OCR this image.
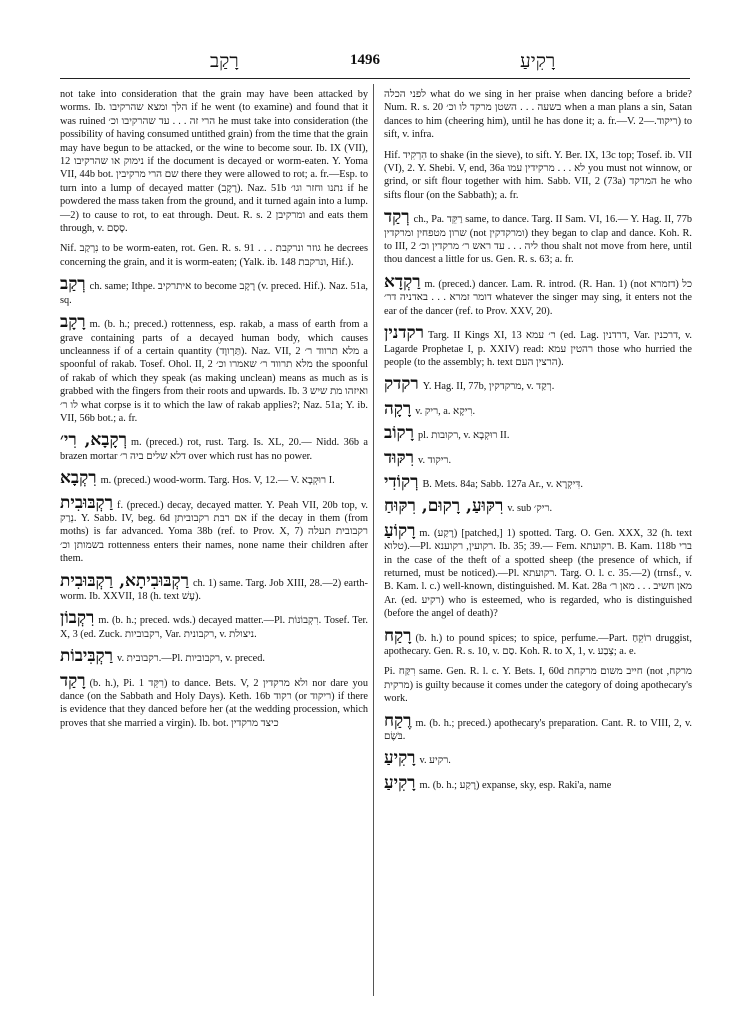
רָקַב	1496	רָקִיעַ

not take into consideration that the grain may have been attacked by worms. Ib. הלך ומצא שהרקיבו if he went (to examine) and found that it was ruined הרי זה . . . עד שהרקיבו וכ׳ he must take into consideration (the possibility of having consumed untithed grain) from the time that the grain may have begun to be attacked, or the wine to become sour. Ib. IX (VII), 12 נימוק או שהרקיבו if the document is decayed or worm-eaten. Y. Yoma VII, 44b bot. שם הרי מרקיבין there they were allowed to rot; a. fr.—Esp. to turn into a lump of decayed matter (רָקָב). Naz. 51b נתנו וחזר וגו׳ if he powdered the mass taken from the ground, and it turned again into a lump.—2) to cause to rot, to eat through. Deut. R. s. 2 ומרקיבן and eats them through, v. סָסַם.

Nif. נִרְקַב to be worm-eaten, rot. Gen. R. s. 91 . . . גוזר ונרקבת he decrees concerning the grain, and it is worm-eaten; (Yalk. ib. 148 ונרקבת, Hif.).

רְקַב ch. same; Ithpe. איתרקיב to become רָקָב (v. preced. Hif.). Naz. 51a, sq.

רָקָב m. (b. h.; preced.) rottenness, esp. rakab, a mass of earth from a grave containing parts of a decayed human body, which causes uncleanness if of a certain quantity (תַּרְווָד). Naz. VII, 2 מלא תרווד ר׳ a spoonful of rakab. Tosef. Ohol. II, 2 מלא תרווד ר׳ שאמרו וכ׳ the spoonful of rakab of which they speak (as making unclean) means as much as is grabbed with the fingers from their roots and upwards. Ib. 3 ואיזהו מת שיש לו ר׳ what corpse is it to which the law of rakab applies?; Naz. 51a; Y. ib. VII, 56b bot.; a. fr.

רְקָבָא, רִי׳ m. (preced.) rot, rust. Targ. Is. XL, 20.— Nidd. 36b a brazen mortar דלא שלים ביה ר׳ over which rust has no power.

רִקְבָא m. (preced.) wood-worm. Targ. Hos. V, 12.— V. רוּקְבָא I.

רַקְבּוּבִית f. (preced.) decay, decayed matter. Y. Peah VII, 20b top, v. נְרַק. Y. Sabb. IV, beg. 6d אם רבת רקבוביתן if the decay in them (from moths) is far advanced. Yoma 38b (ref. to Prov. X, 7) רקבובית תעלה בשמותן וכ׳ rottenness enters their names, none name their children after them.

רַקְבּוּבִיתָא, רַקְבּוּבִית ch. 1) same. Targ. Job XIII, 28.—2) earth-worm. Ib. XXVII, 18 (h. text עָשׁ).

רִקְבוֹן m. (b. h.; preced. wds.) decayed matter.—Pl. רִקְבוֹנוֹת. Tosef. Ter. X, 3 (ed. Zuck. רקבוביות, Var. רקבונית, v. ניצולת.

רַקְבִּיבוֹת v. רקבובית.—Pl. רקבוביות, v. preced.

רָקַד (b. h.), Pi. רִקֵּד 1) to dance. Bets. V, 2 ולא מרקדין nor dare you dance (on the Sabbath and Holy Days). Keth. 16b רקוד (or ריקוד) if there is evidence that they danced before her (at the wedding procession, which proves that she married a virgin). Ib. bot. כיצד מרקדין

לפני הכלה what do we sing in her praise when dancing before a bride? Num. R. s. 20 בשעה . . . השטן מרקד לו וכ׳ when a man plans a sin, Satan dances to him (cheering him), until he has done it; a. fr.—V. ריקוד.—2) to sift, v. infra.

Hif. הִרְקִיד to shake (in the sieve), to sift. Y. Ber. IX, 13c top; Tosef. ib. VII (VI), 2. Y. Shebi. V, end, 36a לא . . . מרקידין עמו you must not winnow, or grind, or sift flour together with him. Sabb. VII, 2 (73a) המרקד he who sifts flour (on the Sabbath); a. fr.

רְקַד ch., Pa. רַקֵּד same, to dance. Targ. II Sam. VI, 16.— Y. Hag. II, 77b שרון מטפחין ומרקדין (not ומרקדקין) they began to clap and dance. Koh. R. to III, 2 ליה . . . עד ראש ר׳ מרקדין וכ׳ thou shalt not move from here, until thou dancest a little for us. Gen. R. s. 63; a. fr.

רַקְדָא m. (preced.) dancer. Lam. R. introd. (R. Han. 1) (not דזמרא) כל דומר זמרא . . . באדניה דר׳ whatever the singer may sing, it enters not the ear of the dancer (ref. to Prov. XXV, 20).

רקדנין Targ. II Kings XI, 13 ר׳ עמא (ed. Lag. דרדנין, Var. דרכנין, v. Lagarde Prophetae I, p. XXIV) read: רהטין עמא those who hurried the people (to the assembly; h. text הרצין העם).

רקדק Y. Hag. II, 77b, מרקדקין, v. רְקַד.

רָקָה v. ריק, a. רִיקָא.

רָקוֹב pl. רקובות, v. רוּקְבָא II.

רִקּוּד v. ריקוד.

רְקוֹדִי B. Mets. 84a; Sabb. 127a Ar., v. דִּיקְרָא.

רִקּוּעַ, רָקוּם, רִקּוּחַ v. sub ריק׳.

רָקוֹעַ m. (רָקַע) [patched,] 1) spotted. Targ. O. Gen. XXX, 32 (h. text טלוא).—Pl. רקועין, רקוענא. Ib. 35; 39.— Fem. רקועתא. B. Kam. 118b ברי in the case of the theft of a spotted sheep (the presence of which, if returned, must be noticed).—Pl. רקועתא. Targ. O. l. c. 35.—2) (trnsf., v. B. Kam. l. c.) well-known, distinguished. M. Kat. 28a מאן חשיב . . . מאן ר׳ Ar. (ed. רקיע) who is esteemed, who is regarded, who is distinguished (before the angel of death)?

רָקַח (b. h.) to pound spices; to spice, perfume.—Part. רוֹקֵחַ druggist, apothecary. Gen. R. s. 10, v. סַם. Koh. R. to X, 1, v. צְבַע; a. e.

Pi. רִקַּח same. Gen. R. l. c. Y. Bets. I, 60d חייב משום מרקחת (not מרקח, מרקית) is guilty because it comes under the category of doing apothecary's work.

רֶקַח m. (b. h.; preced.) apothecary's preparation. Cant. R. to VIII, 2, v. בֹּשֶׂם.

רָקִיעַ v. רקיע.

רָקִיעַ m. (b. h.; רָקַע) expanse, sky, esp. Raki'a, name
